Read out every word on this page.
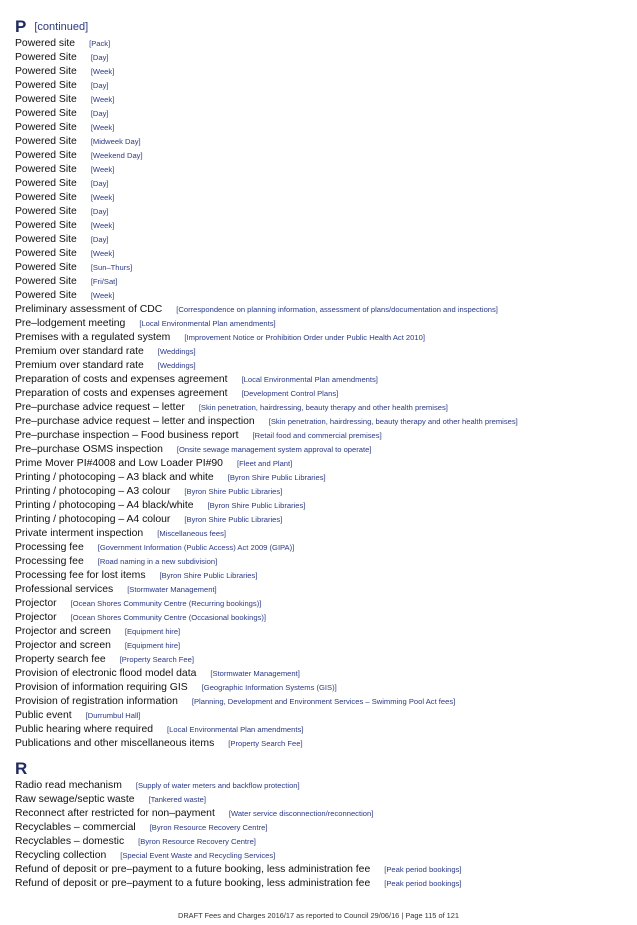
P [continued]
Powered site [Pack]
Powered Site [Day]
Powered Site [Week]
Powered Site [Day]
Powered Site [Week]
Powered Site [Day]
Powered Site [Week]
Powered Site [Midweek Day]
Powered Site [Weekend Day]
Powered Site [Week]
Powered Site [Day]
Powered Site [Week]
Powered Site [Day]
Powered Site [Week]
Powered Site [Day]
Powered Site [Week]
Powered Site [Sun–Thurs]
Powered Site [Fri/Sat]
Powered Site [Week]
Preliminary assessment of CDC [Correspondence on planning information, assessment of plans/documentation and inspections]
Pre–lodgement meeting [Local Environmental Plan amendments]
Premises with a regulated system [Improvement Notice or Prohibition Order under Public Health Act 2010]
Premium over standard rate [Weddings]
Premium over standard rate [Weddings]
Preparation of costs and expenses agreement [Local Environmental Plan amendments]
Preparation of costs and expenses agreement [Development Control Plans]
Pre–purchase advice request – letter [Skin penetration, hairdressing, beauty therapy and other health premises]
Pre–purchase advice request – letter and inspection [Skin penetration, hairdressing, beauty therapy and other health premises]
Pre–purchase inspection – Food business report [Retail food and commercial premises]
Pre–purchase OSMS inspection [Onsite sewage management system approval to operate]
Prime Mover PI#4008 and Low Loader PI#90 [Fleet and Plant]
Printing / photocoping – A3 black and white [Byron Shire Public Libraries]
Printing / photocoping – A3 colour [Byron Shire Public Libraries]
Printing / photocoping – A4 black/white [Byron Shire Public Libraries]
Printing / photocoping – A4 colour [Byron Shire Public Libraries]
Private interment inspection [Miscellaneous fees]
Processing fee [Government Information (Public Access) Act 2009 (GIPA)]
Processing fee [Road naming in a new subdivision]
Processing fee for lost items [Byron Shire Public Libraries]
Professional services [Stormwater Management]
Projector [Ocean Shores Community Centre (Recurring bookings)]
Projector [Ocean Shores Community Centre (Occasional bookings)]
Projector and screen [Equipment hire]
Projector and screen [Equipment hire]
Property search fee [Property Search Fee]
Provision of electronic flood model data [Stormwater Management]
Provision of information requiring GIS [Geographic Information Systems (GIS)]
Provision of registration information [Planning, Development and Environment Services – Swimming Pool Act fees]
Public event [Durrumbul Hall]
Public hearing where required [Local Environmental Plan amendments]
Publications and other miscellaneous items [Property Search Fee]
R
Radio read mechanism [Supply of water meters and backflow protection]
Raw sewage/septic waste [Tankered waste]
Reconnect after restricted for non–payment [Water service disconnection/reconnection]
Recyclables – commercial [Byron Resource Recovery Centre]
Recyclables – domestic [Byron Resource Recovery Centre]
Recycling collection [Special Event Waste and Recycling Services]
Refund of deposit or pre–payment to a future booking, less administration fee [Peak period bookings]
Refund of deposit or pre–payment to a future booking, less administration fee [Peak period bookings]
DRAFT Fees and Charges 2016/17 as reported to Council 29/06/16 | Page 115 of 121
